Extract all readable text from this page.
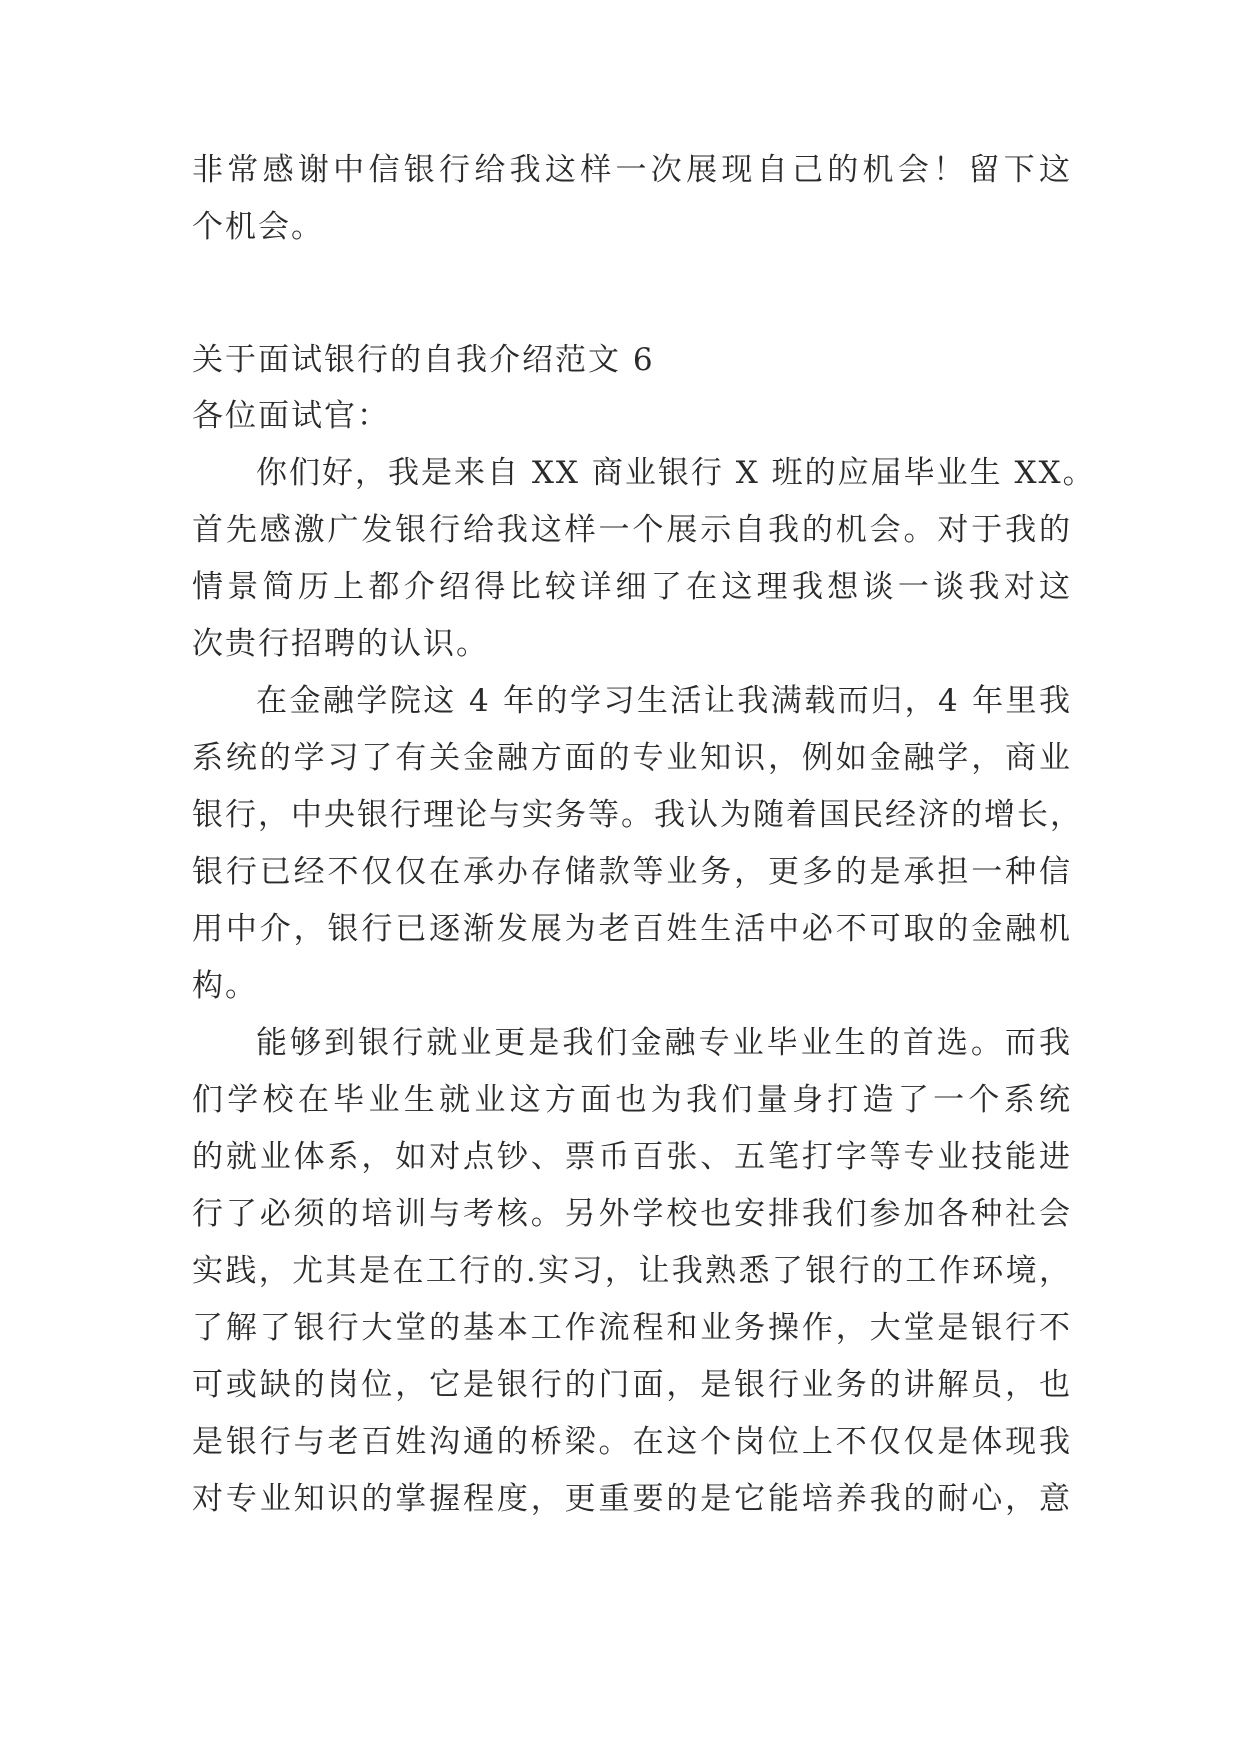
非常感谢中信银行给我这样一次展现自己的机会！留下这
个机会。
关于面试银行的自我介绍范文 6
各位面试官：
你们好，我是来自 XX 商业银行 X 班的应届毕业生 XX。
首先感激广发银行给我这样一个展示自我的机会。对于我的
情景简历上都介绍得比较详细了在这理我想谈一谈我对这
次贵行招聘的认识。
在金融学院这 4 年的学习生活让我满载而归，4 年里我
系统的学习了有关金融方面的专业知识，例如金融学，商业
银行，中央银行理论与实务等。我认为随着国民经济的增长，
银行已经不仅仅在承办存储款等业务，更多的是承担一种信
用中介，银行已逐渐发展为老百姓生活中必不可取的金融机
构。
能够到银行就业更是我们金融专业毕业生的首选。而我
们学校在毕业生就业这方面也为我们量身打造了一个系统
的就业体系，如对点钞、票币百张、五笔打字等专业技能进
行了必须的培训与考核。另外学校也安排我们参加各种社会
实践，尤其是在工行的.实习，让我熟悉了银行的工作环境，
了解了银行大堂的基本工作流程和业务操作，大堂是银行不
可或缺的岗位，它是银行的门面，是银行业务的讲解员，也
是银行与老百姓沟通的桥梁。在这个岗位上不仅仅是体现我
对专业知识的掌握程度，更重要的是它能培养我的耐心，意
